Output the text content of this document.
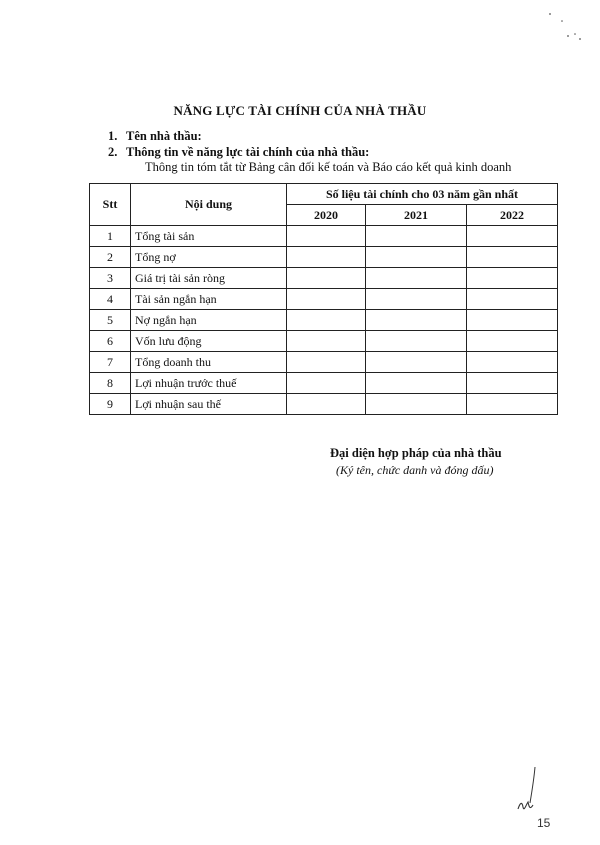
NĂNG LỰC TÀI CHÍNH CỦA NHÀ THẦU
1. Tên nhà thầu:
2. Thông tin về năng lực tài chính của nhà thầu:
Thông tin tóm tắt từ Bảng cân đối kế toán và Báo cáo kết quả kinh doanh
Stt	Nội dung	Số liệu tài chính cho 03 năm gần nhất		
		2020	2021	2022
1	Tổng tài sản			
2	Tổng nợ			
3	Giá trị tài sản ròng			
4	Tài sản ngắn hạn			
5	Nợ ngắn hạn			
6	Vốn lưu động			
7	Tổng doanh thu			
8	Lợi nhuận trước thuế			
9	Lợi nhuận sau thế			
Đại diện hợp pháp của nhà thầu
(Ký tên, chức danh và đóng dấu)
15
